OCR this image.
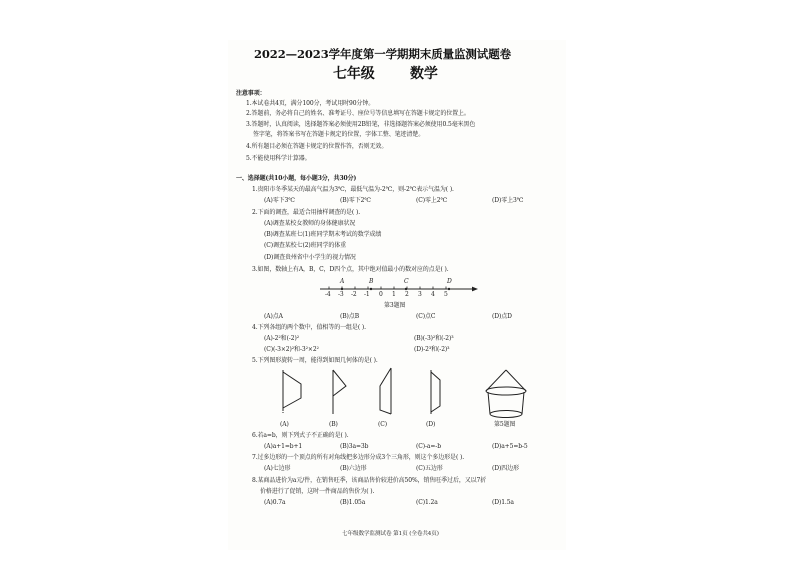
2022—2023学年度第一学期期末质量监测试题卷
七年级	数学
注意事项：
1.本试卷共4页，满分100分，考试用时90分钟。
2.答题前，务必将自己的姓名、准考证号、座位号等信息填写在答题卡规定的位置上。
3.答题时，认真阅读，选择题答案必须使用2B铅笔，非选择题答案必须使用0.5毫米黑色
签字笔，将答案书写在答题卡规定的位置，字体工整、笔迹清楚。
4.所有题目必须在答题卡规定的位置作答，否则无效。
5.不能使用科学计算器。
一、选择题(共10小题，每小题3分，共30分)
1.贵阳市冬季某天的最高气温为3℃，最低气温为-2℃，则-2℃表示气温为( ).
(A)零下3℃	(B)零下2℃	(C)零上2℃	(D)零上3℃
2.下面的调查，最适合用抽样调查的是( ).
(A)调查某校女教师的身体健康状况
(B)调查某班七(1)班同学期末考试的数学成绩
(C)调查某校七(2)班同学的体重
(D)调查贵州省中小学生的视力情况
3.如图，数轴上有A，B，C，D四个点，其中绝对值最小的数对应的点是( ).
-4 -3 -2 -1 0 1 2 3 4 5
A	B	C	D
第3题图
(A)点A	(B)点B	(C)点C	(D)点D
4.下列各组的两个数中，值相等的一组是( ).
(A)-2²和(-2)²	(B)(-3)²和(-2)³
(C)(-3×2)²和-3²×2²	(D)-2³和(-2)³
5.下列图形旋转一周，能得到如图几何体的是( ).
(A)	(B)	(C)	(D)	第5题图
6.若a=b，则下列式子不正确的是( ).
(A)a+1=b+1	(B)3a=3b	(C)-a=-b	(D)a+5=b-5
7.过多边形的一个顶点的所有对角线把多边形分成3个三角形，则这个多边形是( ).
(A)七边形	(B)六边形	(C)五边形	(D)四边形
8.某商品进价为a元/件，在销售旺季，该商品售价较进价高50%，销售旺季过后，又以7折
价格进行了促销，这时一件商品的售价为( ).
(A)0.7a	(B)1.05a	(C)1.2a	(D)1.5a
七年级数学监测试卷 第1页 (全卷共4页)
